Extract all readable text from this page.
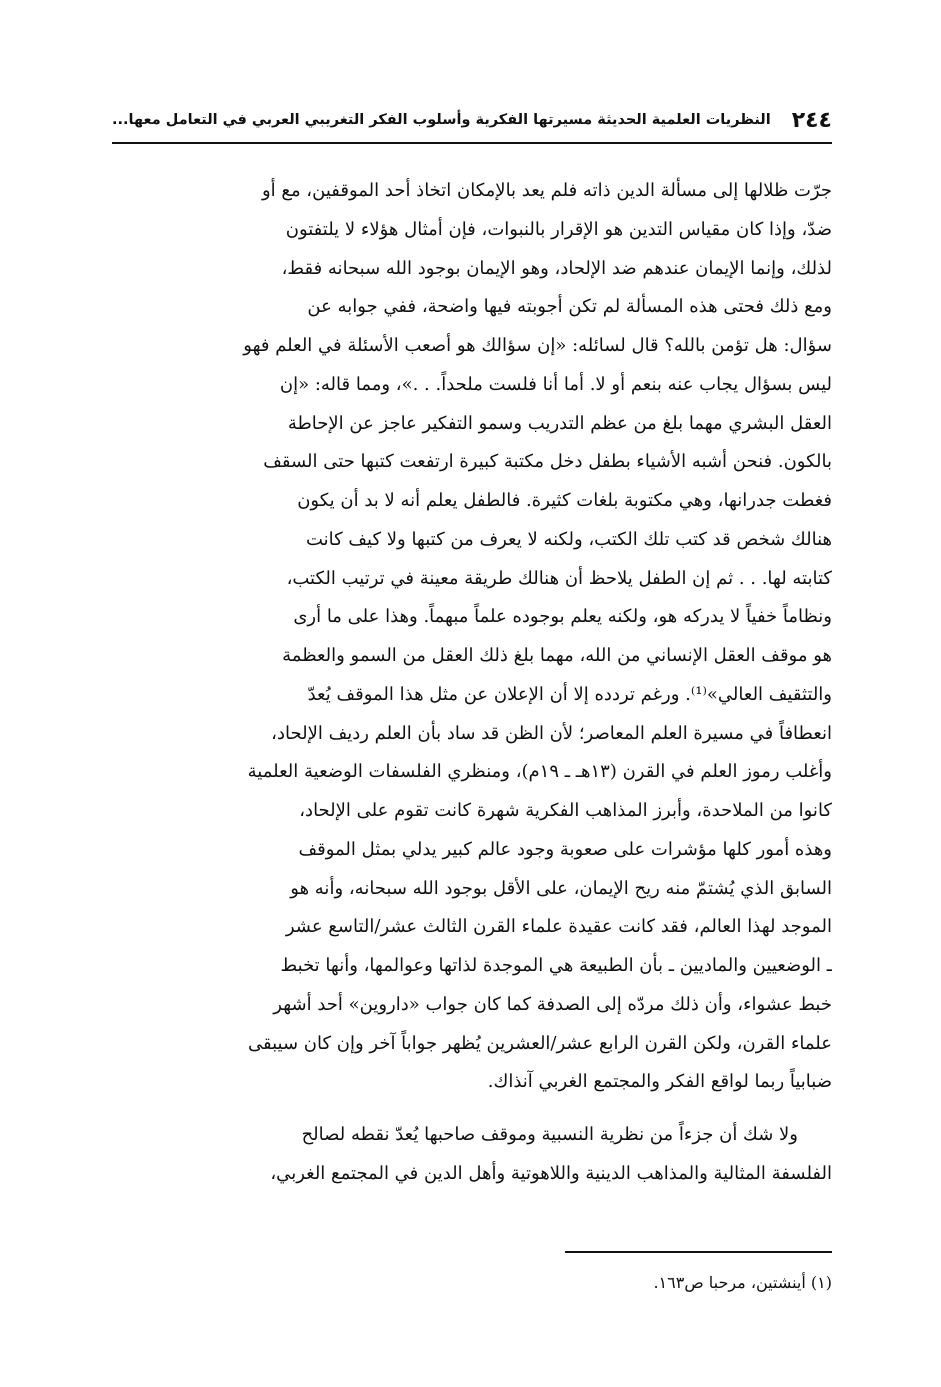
٢٤٤
النظريات العلمية الحديثة مسيرتها الفكرية وأسلوب الفكر التغريبي العربي في التعامل معها...
جرّت ظلالها إلى مسألة الدين ذاته فلم يعد بالإمكان اتخاذ أحد الموقفين، مع أو
ضدّ، وإذا كان مقياس التدين هو الإقرار بالنبوات، فإن أمثال هؤلاء لا يلتفتون
لذلك، وإنما الإيمان عندهم ضد الإلحاد، وهو الإيمان بوجود الله سبحانه فقط،
ومع ذلك فحتى هذه المسألة لم تكن أجوبته فيها واضحة، ففي جوابه عن
سؤال: هل تؤمن بالله؟ قال لسائله: «إن سؤالك هو أصعب الأسئلة في العلم فهو
ليس بسؤال يجاب عنه بنعم أو لا. أما أنا فلست ملحداً. . .»، ومما قاله: «إن
العقل البشري مهما بلغ من عظم التدريب وسمو التفكير عاجز عن الإحاطة
بالكون. فنحن أشبه الأشياء بطفل دخل مكتبة كبيرة ارتفعت كتبها حتى السقف
فغطت جدرانها، وهي مكتوبة بلغات كثيرة. فالطفل يعلم أنه لا بد أن يكون
هنالك شخص قد كتب تلك الكتب، ولكنه لا يعرف من كتبها ولا كيف كانت
كتابته لها. . . ثم إن الطفل يلاحظ أن هنالك طريقة معينة في ترتيب الكتب،
ونظاماً خفياً لا يدركه هو، ولكنه يعلم بوجوده علماً مبهماً. وهذا على ما أرى
هو موقف العقل الإنساني من الله، مهما بلغ ذلك العقل من السمو والعظمة
والتثقيف العالي»⁽¹⁾. ورغم تردده إلا أن الإعلان عن مثل هذا الموقف يُعدّ
انعطافاً في مسيرة العلم المعاصر؛ لأن الظن قد ساد بأن العلم رديف الإلحاد،
وأغلب رموز العلم في القرن (١٣هـ ـ ١٩م)، ومنظري الفلسفات الوضعية العلمية
كانوا من الملاحدة، وأبرز المذاهب الفكرية شهرة كانت تقوم على الإلحاد،
وهذه أمور كلها مؤشرات على صعوبة وجود عالم كبير يدلي بمثل الموقف
السابق الذي يُشتمّ منه ريح الإيمان، على الأقل بوجود الله سبحانه، وأنه هو
الموجد لهذا العالم، فقد كانت عقيدة علماء القرن الثالث عشر/التاسع عشر
ـ الوضعيين والماديين ـ بأن الطبيعة هي الموجدة لذاتها وعوالمها، وأنها تخبط
خبط عشواء، وأن ذلك مردّه إلى الصدفة كما كان جواب «داروين» أحد أشهر
علماء القرن، ولكن القرن الرابع عشر/العشرين يُظهر جواباً آخر وإن كان سيبقى
ضبابياً ربما لواقع الفكر والمجتمع الغربي آنذاك.
ولا شك أن جزءاً من نظرية النسبية وموقف صاحبها يُعدّ نقطه لصالح
الفلسفة المثالية والمذاهب الدينية واللاهوتية وأهل الدين في المجتمع الغربي،
(١) أينشتين، مرحبا ص١٦٣.
